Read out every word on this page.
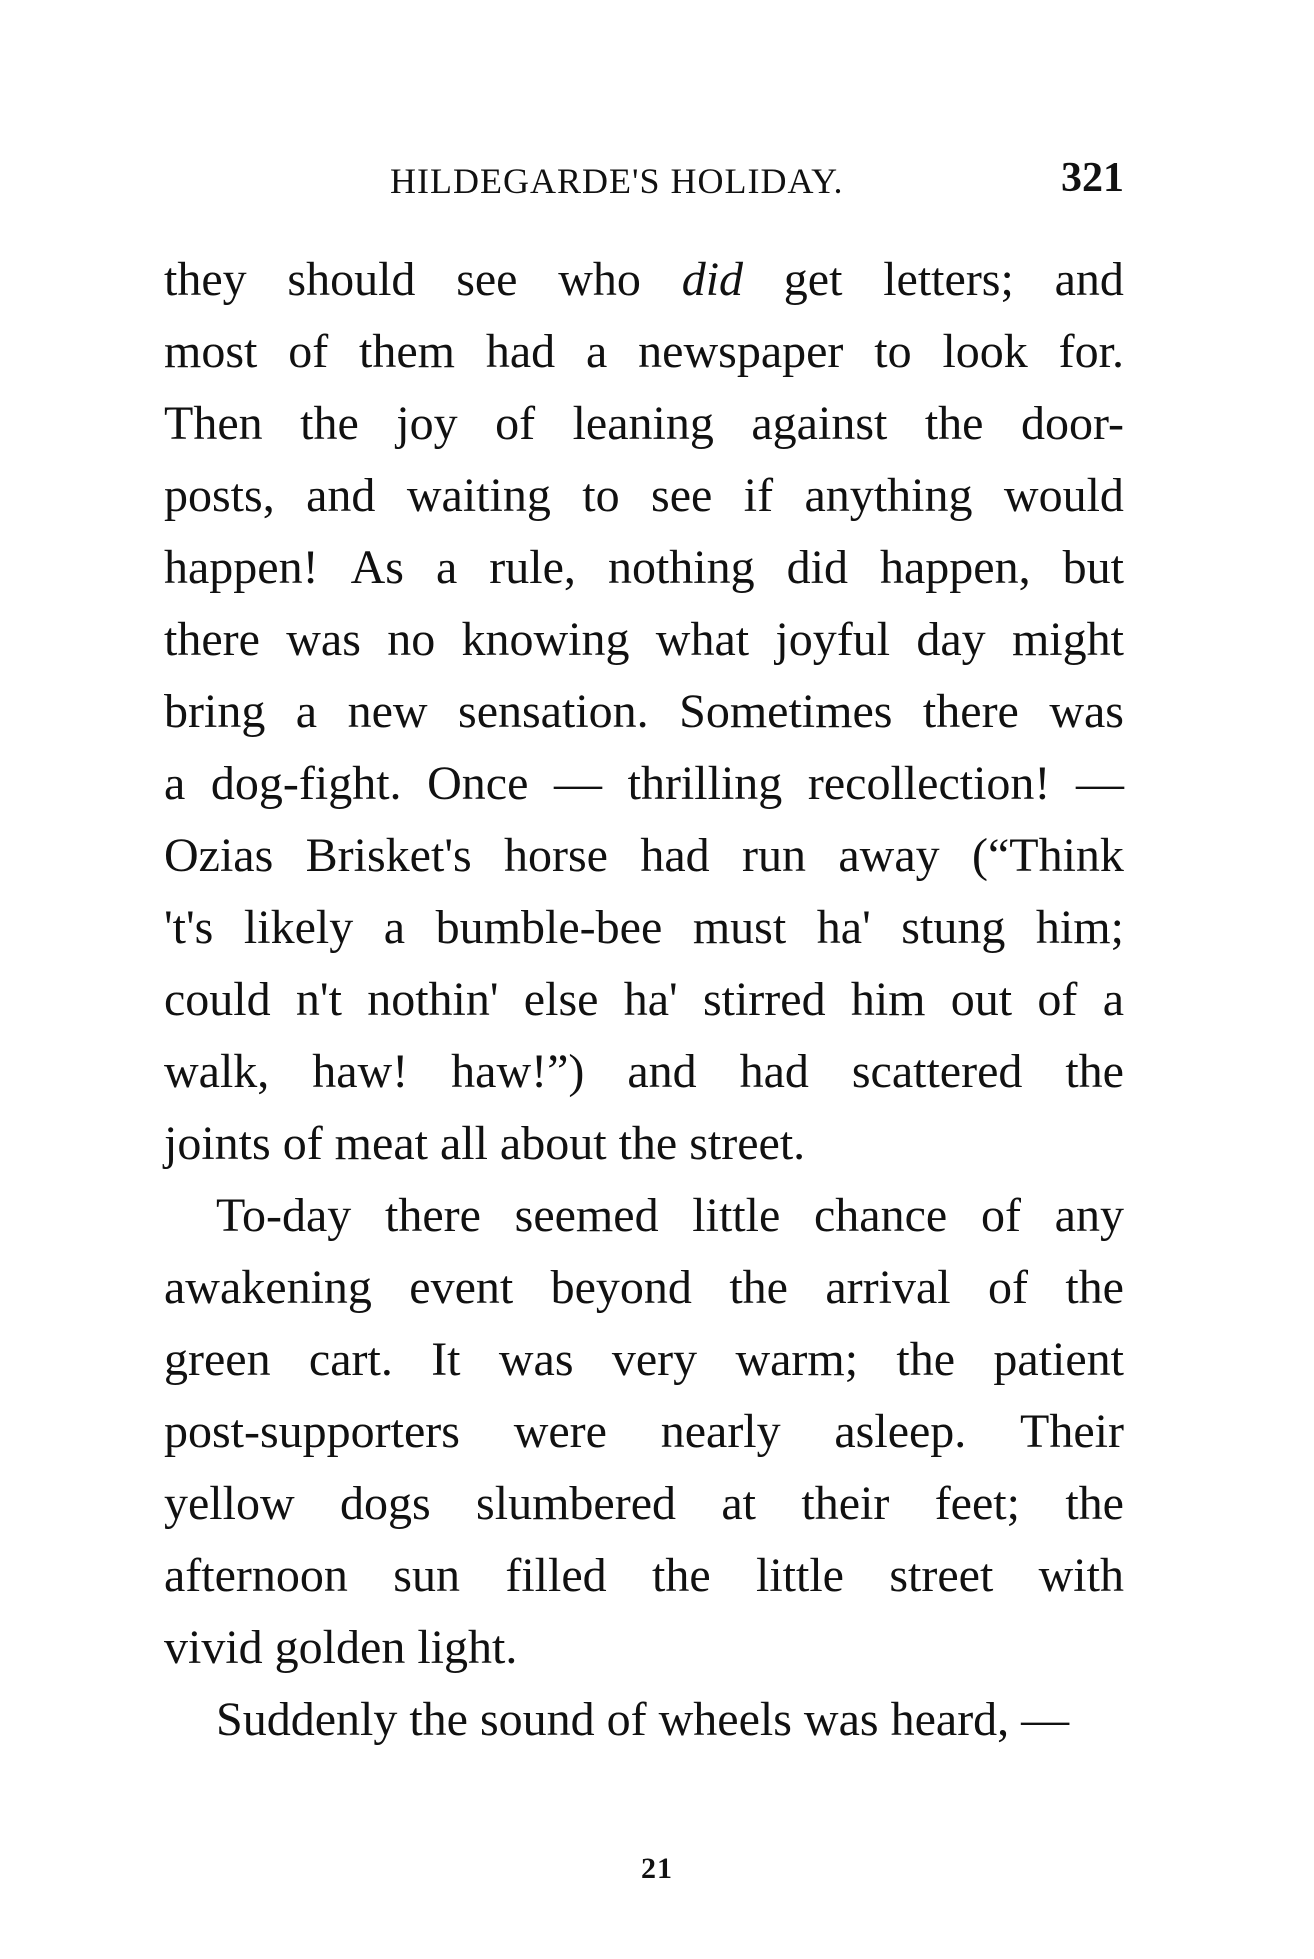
HILDEGARDE'S HOLIDAY.	321
they should see who did get letters; and
most of them had a newspaper to look for.
Then the joy of leaning against the door-
posts, and waiting to see if anything would
happen! As a rule, nothing did happen, but
there was no knowing what joyful day might
bring a new sensation. Sometimes there was
a dog-fight. Once — thrilling recollection! —
Ozias Brisket's horse had run away (“Think
't's likely a bumble-bee must ha' stung him;
could n't nothin' else ha' stirred him out of a
walk, haw! haw!”) and had scattered the
joints of meat all about the street.
To-day there seemed little chance of any
awakening event beyond the arrival of the
green cart. It was very warm; the patient
post-supporters were nearly asleep. Their
yellow dogs slumbered at their feet; the
afternoon sun filled the little street with
vivid golden light.
Suddenly the sound of wheels was heard, —
21
